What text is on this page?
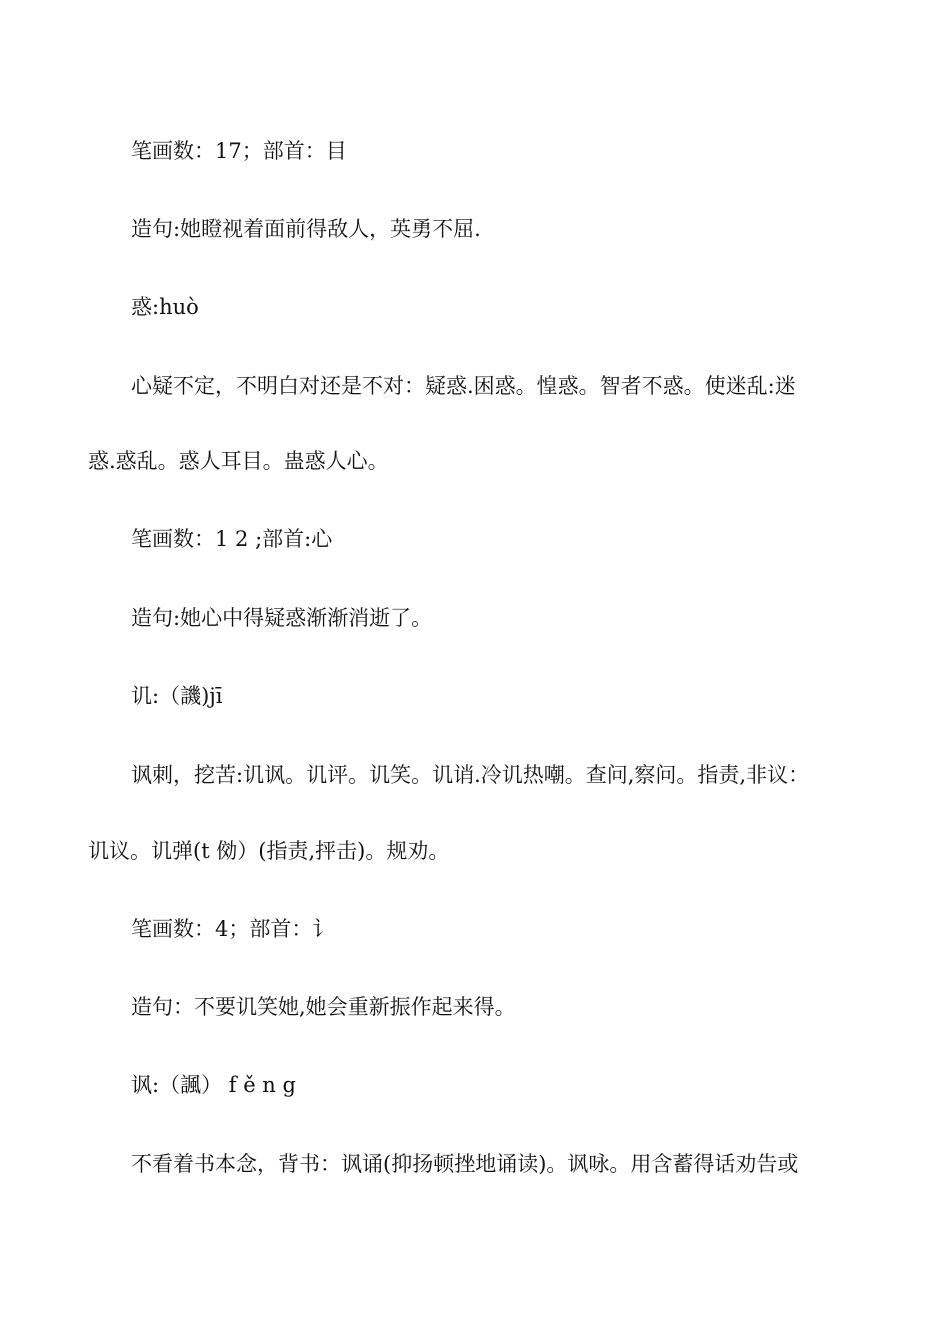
笔画数：17；部首：目
造句:她瞪视着面前得敌人，英勇不屈.
惑:huò
心疑不定，不明白对还是不对：疑惑.困惑。惶惑。智者不惑。使迷乱:迷
惑.惑乱。惑人耳目。蛊惑人心。
笔画数：1 2 ;部首:心
造句:她心中得疑惑渐渐消逝了。
讥:（譏)jī
讽刺，挖苦:讥讽。讥评。讥笑。讥诮.冷讥热嘲。查问,察问。指责,非议：
讥议。讥弹(t 俲）(指责,抨击)。规劝。
笔画数：4；部首：讠
造句：不要讥笑她,她会重新振作起来得。
讽:（諷） f ě n g
不看着书本念，背书：讽诵(抑扬顿挫地诵读)。讽咏。用含蓄得话劝告或
